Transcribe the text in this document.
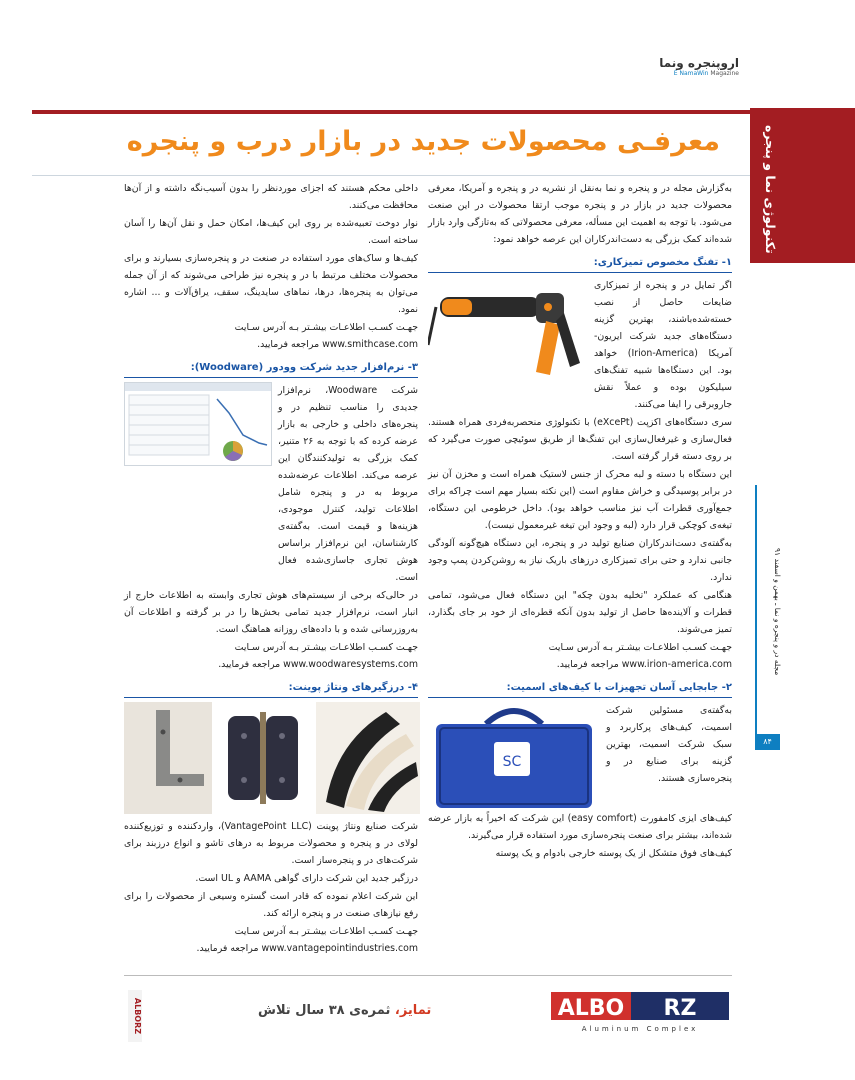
اروپنجره ونما
E NamaWin Magazine
تکنولوژی نما و پنجره
معرفـی محصولات جدید در بازار درب و پنجره

به‌گزارش مجله در و پنجره و نما به‌نقل از نشریه در و پنجره و آمریکا، معرفی محصولات جدید در بازار در و پنجره موجب ارتقا محصولات در این صنعت می‌شود. با توجه به اهمیت این مسأله، معرفی محصولاتی که به‌تازگی وارد بازار شده‌اند کمک بزرگی به دست‌اندرکاران این عرصه خواهد نمود:

۱- تفنگ مخصوص تمیزکاری:

اگر تمایل در و پنجره از تمیزکاری ضایعات حاصل از نصب خسته‌شده‌باشند، بهترین گزینه دستگاه‌های جدید شرکت ایریون-آمریکا (Irion-America) خواهد بود. این دستگاه‌ها شبیه تفنگ‌های سیلیکون بوده و عملاً نقش جاروبرقی را ایفا می‌کنند.

سری دستگاه‌های اکزپت (eXcePt) با تکنولوژی منحصربه‌فردی همراه هستند. فعال‌سازی و غیرفعال‌سازی این تفنگ‌ها از طریق سوئیچی صورت می‌گیرد که بر روی دسته قرار گرفته است.

این دستگاه با دسته و لبه محرک از جنس لاستیک همراه است و مخزن آن نیز در برابر پوسیدگی و خراش مقاوم است (این نکته بسیار مهم است چراکه برای جمع‌آوری قطرات آب نیز مناسب خواهد بود). داخل خرطومی این دستگاه، تیغه‌ی کوچکی قرار دارد (لبه و وجود این تیغه غیرمعمول نیست).

به‌گفته‌ی دست‌اندرکاران صنایع تولید در و پنجره، این دستگاه هیچ‌گونه آلودگی جانبی ندارد و حتی برای تمیزکاری درزهای باریک نیاز به روشن‌کردن پمپ وجود ندارد.

هنگامی که عملکرد "تخلیه بدون چکه" این دستگاه فعال می‌شود، تمامی قطرات و آلاینده‌ها حاصل از تولید بدون آنکه قطره‌ای از خود بر جای بگذارد، تمیز می‌شوند.

جهـت کسـب اطلاعـات بیشـتر بـه آدرس سـایت
www.irion-america.com مراجعه فرمایید.

۲- جابجایی آسان تجهیزات با کیف‌های اسمیت:

به‌گفته‌ی مسئولین شرکت اسمیت، کیف‌های پرکاربرد و سبک شرکت اسمیت، بهترین گزینه برای صنایع در و پنجره‌سازی هستند.

SC

کیف‌های ایزی کامفورت (easy comfort) این شرکت که اخیراً به بازار عرضه شده‌اند، بیشتر برای صنعت پنجره‌سازی مورد استفاده قرار می‌گیرند.

کیف‌های فوق متشکل از یک پوسته خارجی بادوام و یک پوسته

داخلی محکم هستند که اجزای مورد‌نظر را بدون آسیب‌نگه داشته و از آن‌ها محافظت می‌کنند.

نوار دوخت تعبیه‌شده بر روی این کیف‌ها، امکان حمل و نقل آن‌ها را آسان ساخته است.

کیف‌ها و ساک‌های مورد استفاده در صنعت در و پنجره‌سازی بسیارند و برای محصولات مختلف مرتبط با در و پنجره نیز طراحی می‌شوند که از آن جمله می‌توان به پنجره‌ها، درها، نماهای سایدینگ، سقف، یراق‌آلات و ... اشاره نمود.

جهـت کسـب اطلاعـات بیشـتر بـه آدرس سـایت
www.smithcase.com مراجعه فرمایید.

۳- نرم‌افزار جدید شرکت وودور (Woodware):

شرکت Woodware، نرم‌افزار جدیدی را مناسب تنظیم در و پنجره‌های داخلی و خارجی به بازار عرضه کرده که با توجه به ۲۶ متنیر، کمک بزرگی به تولیدکنندگان این عرصه می‌کند. اطلاعات عرضه‌شده مربوط به در و پنجره شامل اطلاعات تولید، کنترل موجودی، هزینه‌ها و قیمت است. به‌گفته‌ی کارشناسان، این نرم‌افزار براساس هوش تجاری جاسازی‌شده فعال است.

در حالی‌که برخی از سیستم‌های هوش تجاری وابسته به اطلاعات خارج از انبار است، نرم‌افزار جدید تمامی بخش‌ها را در بر گرفته و اطلاعات آن به‌روزرسانی شده و با داده‌های روزانه هماهنگ است.

جهـت کسـب اطلاعـات بیشـتر بـه آدرس سـایت
www.woodwaresystems.com مراجعه فرمایید.

۴- درزگیرهای ونتاژ پوینت:

شرکت صنایع ونتاژ پوینت (VantagePoint LLC)، وارد‌کننده و توزیع‌کننده لولای در و پنجره و محصولات مربوط به درهای تاشو و انواع درزبند برای شرکت‌های در و پنجره‌ساز است.

درزگیر جدید این شرکت دارای گواهی AAMA و UL است.

این شرکت اعلام نموده که قادر است گستره وسیعی از محصولات را برای رفع نیازهای صنعت در و پنجره ارائه کند.

جهـت کسـب اطلاعـات بیشـتر بـه آدرس سـایت
www.vantagepointindustries.com مراجعه فرمایید.

مجله در و پنجره و نما ـ بهمن و اسفند ۹۱
۸۴
ALBO RZ
Aluminum Complex
تمایز، ثمره‌ی ۳۸ سال تلاش
ALBORZ
